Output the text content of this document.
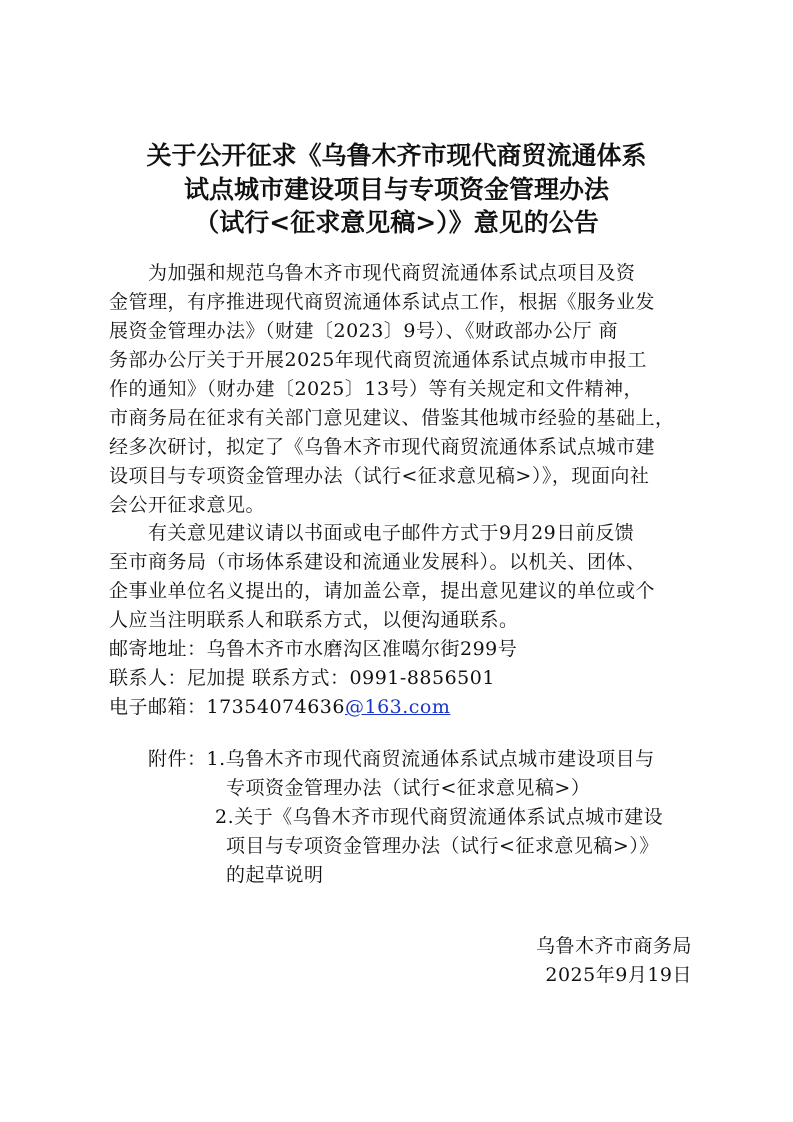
关于公开征求《乌鲁木齐市现代商贸流通体系
试点城市建设项目与专项资金管理办法
（试行<征求意见稿>）》意见的公告
为加强和规范乌鲁木齐市现代商贸流通体系试点项目及资
金管理，有序推进现代商贸流通体系试点工作，根据《服务业发
展资金管理办法》（财建〔2023〕9号）、《财政部办公厅 商
务部办公厅关于开展2025年现代商贸流通体系试点城市申报工
作的通知》（财办建〔2025〕13号）等有关规定和文件精神，
市商务局在征求有关部门意见建议、借鉴其他城市经验的基础上，
经多次研讨，拟定了《乌鲁木齐市现代商贸流通体系试点城市建
设项目与专项资金管理办法（试行<征求意见稿>）》，现面向社
会公开征求意见。
有关意见建议请以书面或电子邮件方式于9月29日前反馈
至市商务局（市场体系建设和流通业发展科）。以机关、团体、
企事业单位名义提出的，请加盖公章，提出意见建议的单位或个
人应当注明联系人和联系方式，以便沟通联系。
邮寄地址：乌鲁木齐市水磨沟区准噶尔街299号
联系人：尼加提 联系方式：0991-8856501
电子邮箱：17354074636@163.com
附件：1.乌鲁木齐市现代商贸流通体系试点城市建设项目与
专项资金管理办法（试行<征求意见稿>）
2.关于《乌鲁木齐市现代商贸流通体系试点城市建设
项目与专项资金管理办法（试行<征求意见稿>）》
的起草说明
乌鲁木齐市商务局
2025年9月19日
